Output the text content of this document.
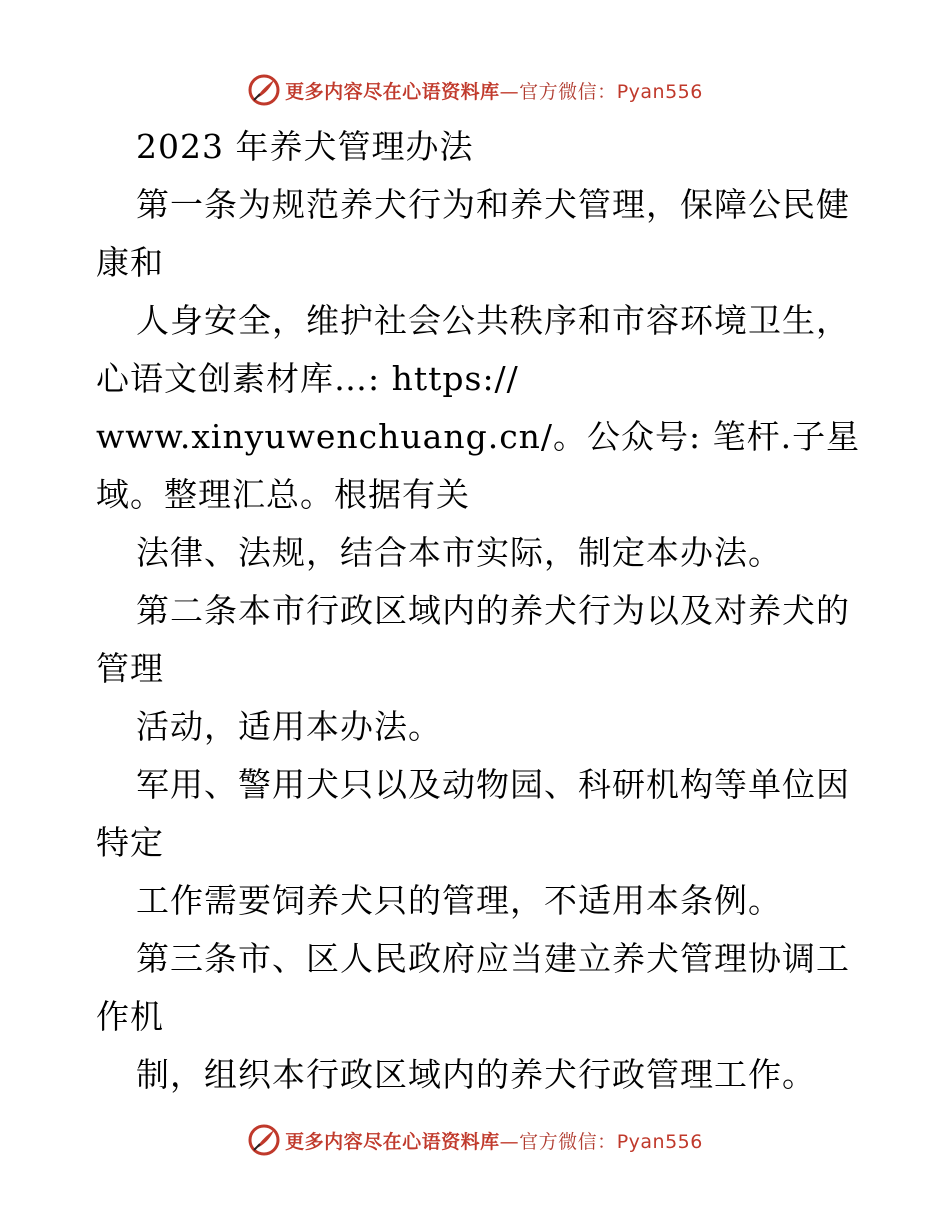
更多内容尽在心语资料库—官方微信：Pyan556
2023 年养犬管理办法
第一条为规范养犬行为和养犬管理，保障公民健
康和
人身安全，维护社会公共秩序和市容环境卫生，
心语文创素材库…: https://
www.xinyuwenchuang.cn/。公众号: 笔杆.子星
域。整理汇总。根据有关
法律、法规，结合本市实际，制定本办法。
第二条本市行政区域内的养犬行为以及对养犬的
管理
活动，适用本办法。
军用、警用犬只以及动物园、科研机构等单位因
特定
工作需要饲养犬只的管理，不适用本条例。
第三条市、区人民政府应当建立养犬管理协调工
作机
制，组织本行政区域内的养犬行政管理工作。
更多内容尽在心语资料库—官方微信：Pyan556
